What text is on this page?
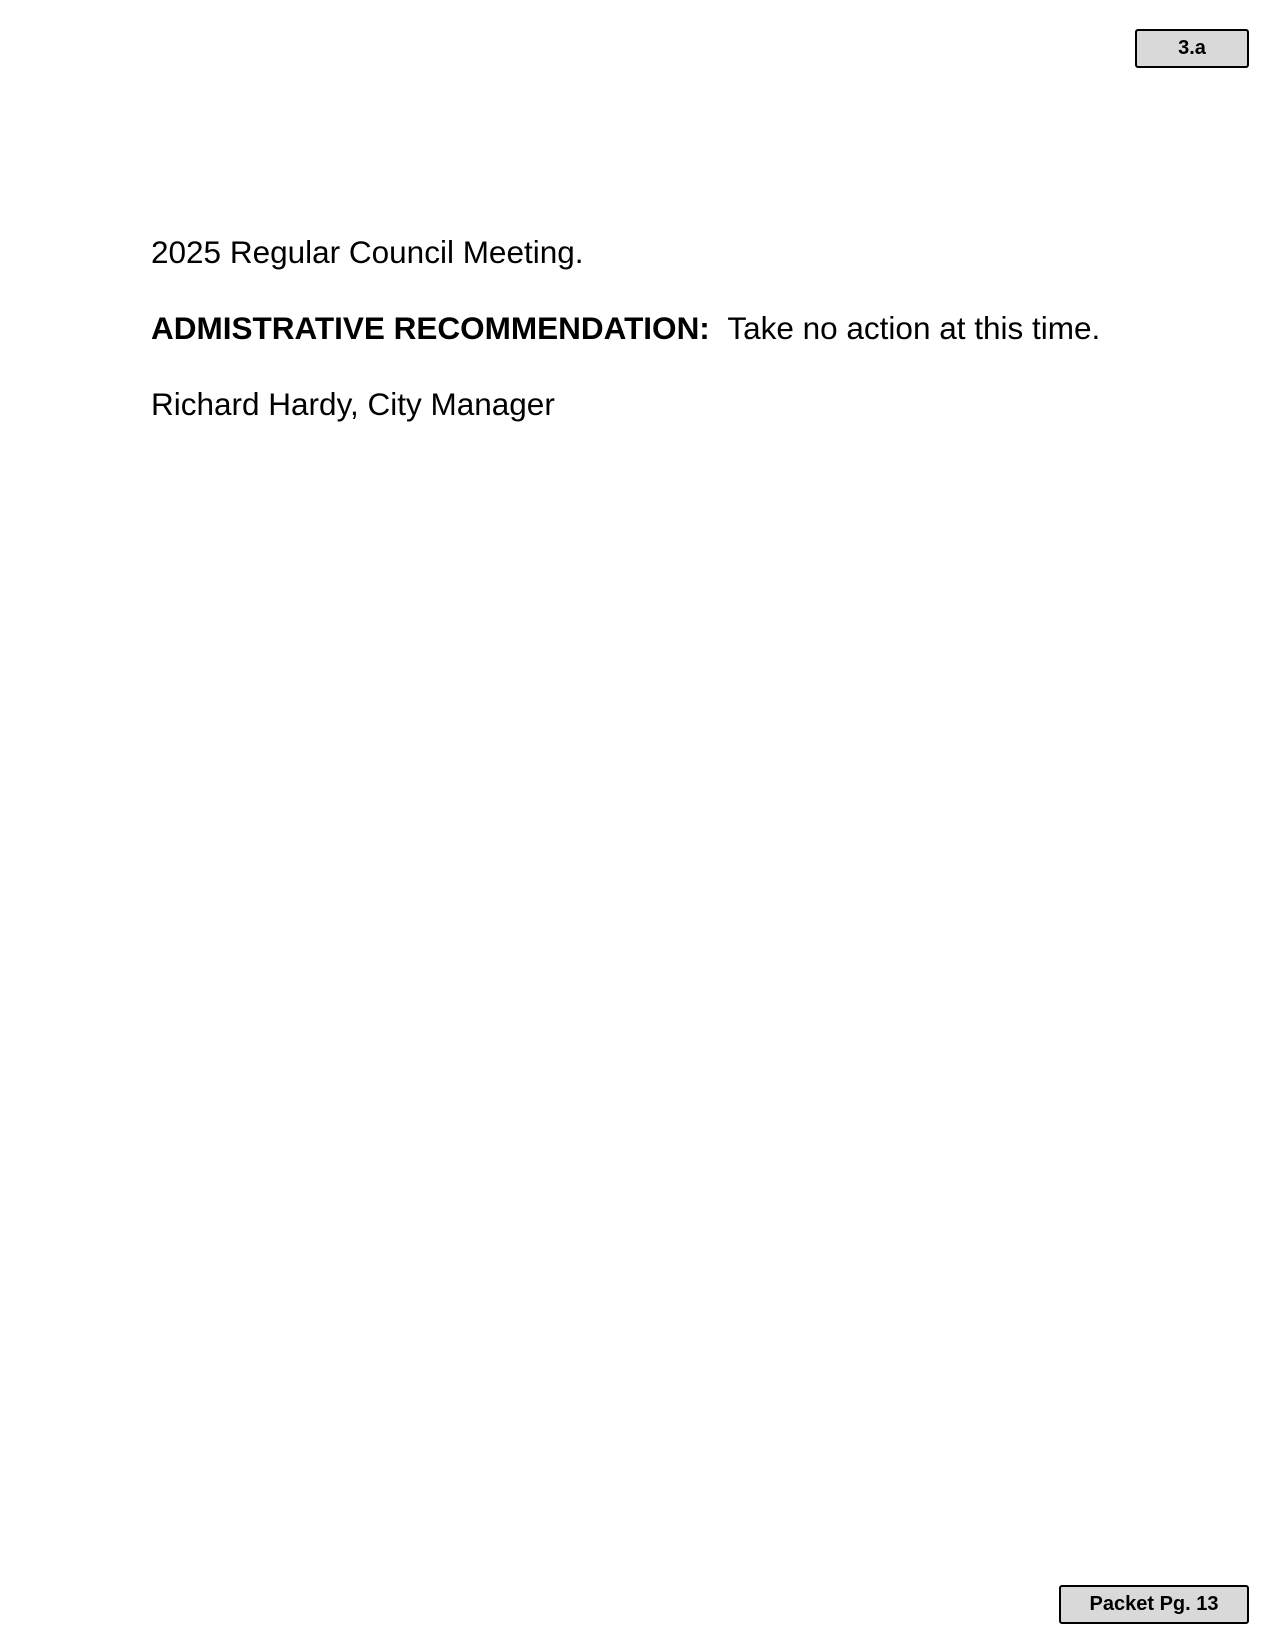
3.a

2025 Regular Council Meeting.

ADMISTRATIVE RECOMMENDATION: Take no action at this time.

Richard Hardy, City Manager

Packet Pg. 13
